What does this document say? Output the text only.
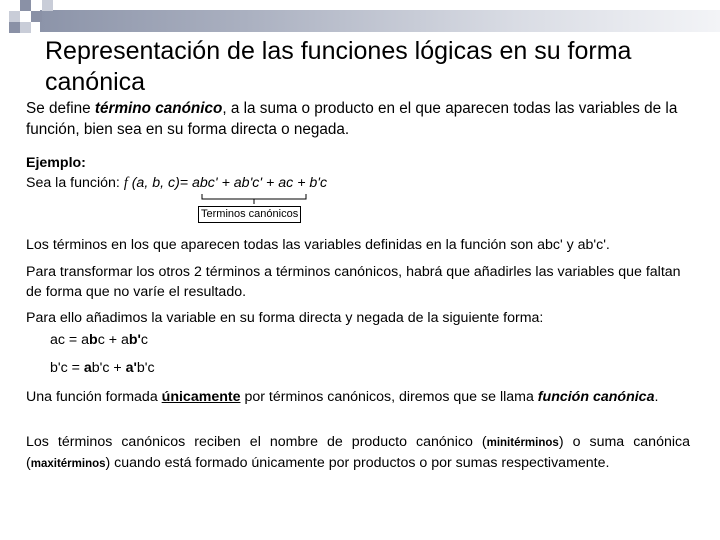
Representación de las funciones lógicas en su forma canónica

Se define término canónico, a la suma o producto en el que aparecen todas las variables de la función, bien sea en su forma directa o negada.

Ejemplo:
Sea la función: f (a, b, c)= abc' + ab'c' + ac + b'c
Terminos canónicos

Los términos en los que aparecen todas las variables definidas en la función son abc' y ab'c'.

Para transformar los otros 2 términos a términos canónicos, habrá que añadirles las variables que faltan de forma que no varíe el resultado.

Para ello añadimos la variable en su forma directa y negada de la siguiente forma:

ac = abc + ab'c
b'c = ab'c + a'b'c

Una función formada únicamente por términos canónicos, diremos que se llama función canónica.

Los términos canónicos reciben el nombre de producto canónico (minitérminos) o suma canónica (maxitérminos) cuando está formado únicamente por productos o por sumas respectivamente.
